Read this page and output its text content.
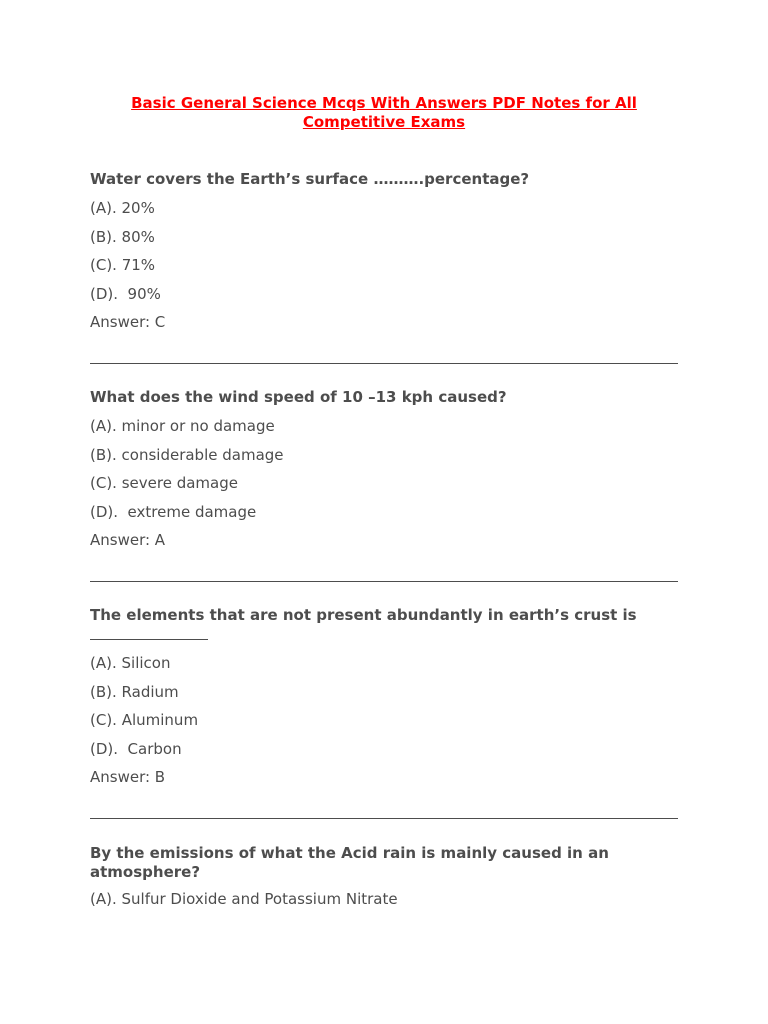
Basic General Science Mcqs With Answers PDF Notes for All
Competitive Exams
Water covers the Earth’s surface ……….percentage?
(A). 20%
(B). 80%
(C). 71%
(D).  90%
Answer: C
What does the wind speed of 10 –13 kph caused?
(A). minor or no damage
(B). considerable damage
(C). severe damage
(D).  extreme damage
Answer: A
The elements that are not present abundantly in earth’s crust is
(A). Silicon
(B). Radium
(C). Aluminum
(D).  Carbon
Answer: B
By the emissions of what the Acid rain is mainly caused in an
atmosphere?
(A). Sulfur Dioxide and Potassium Nitrate
